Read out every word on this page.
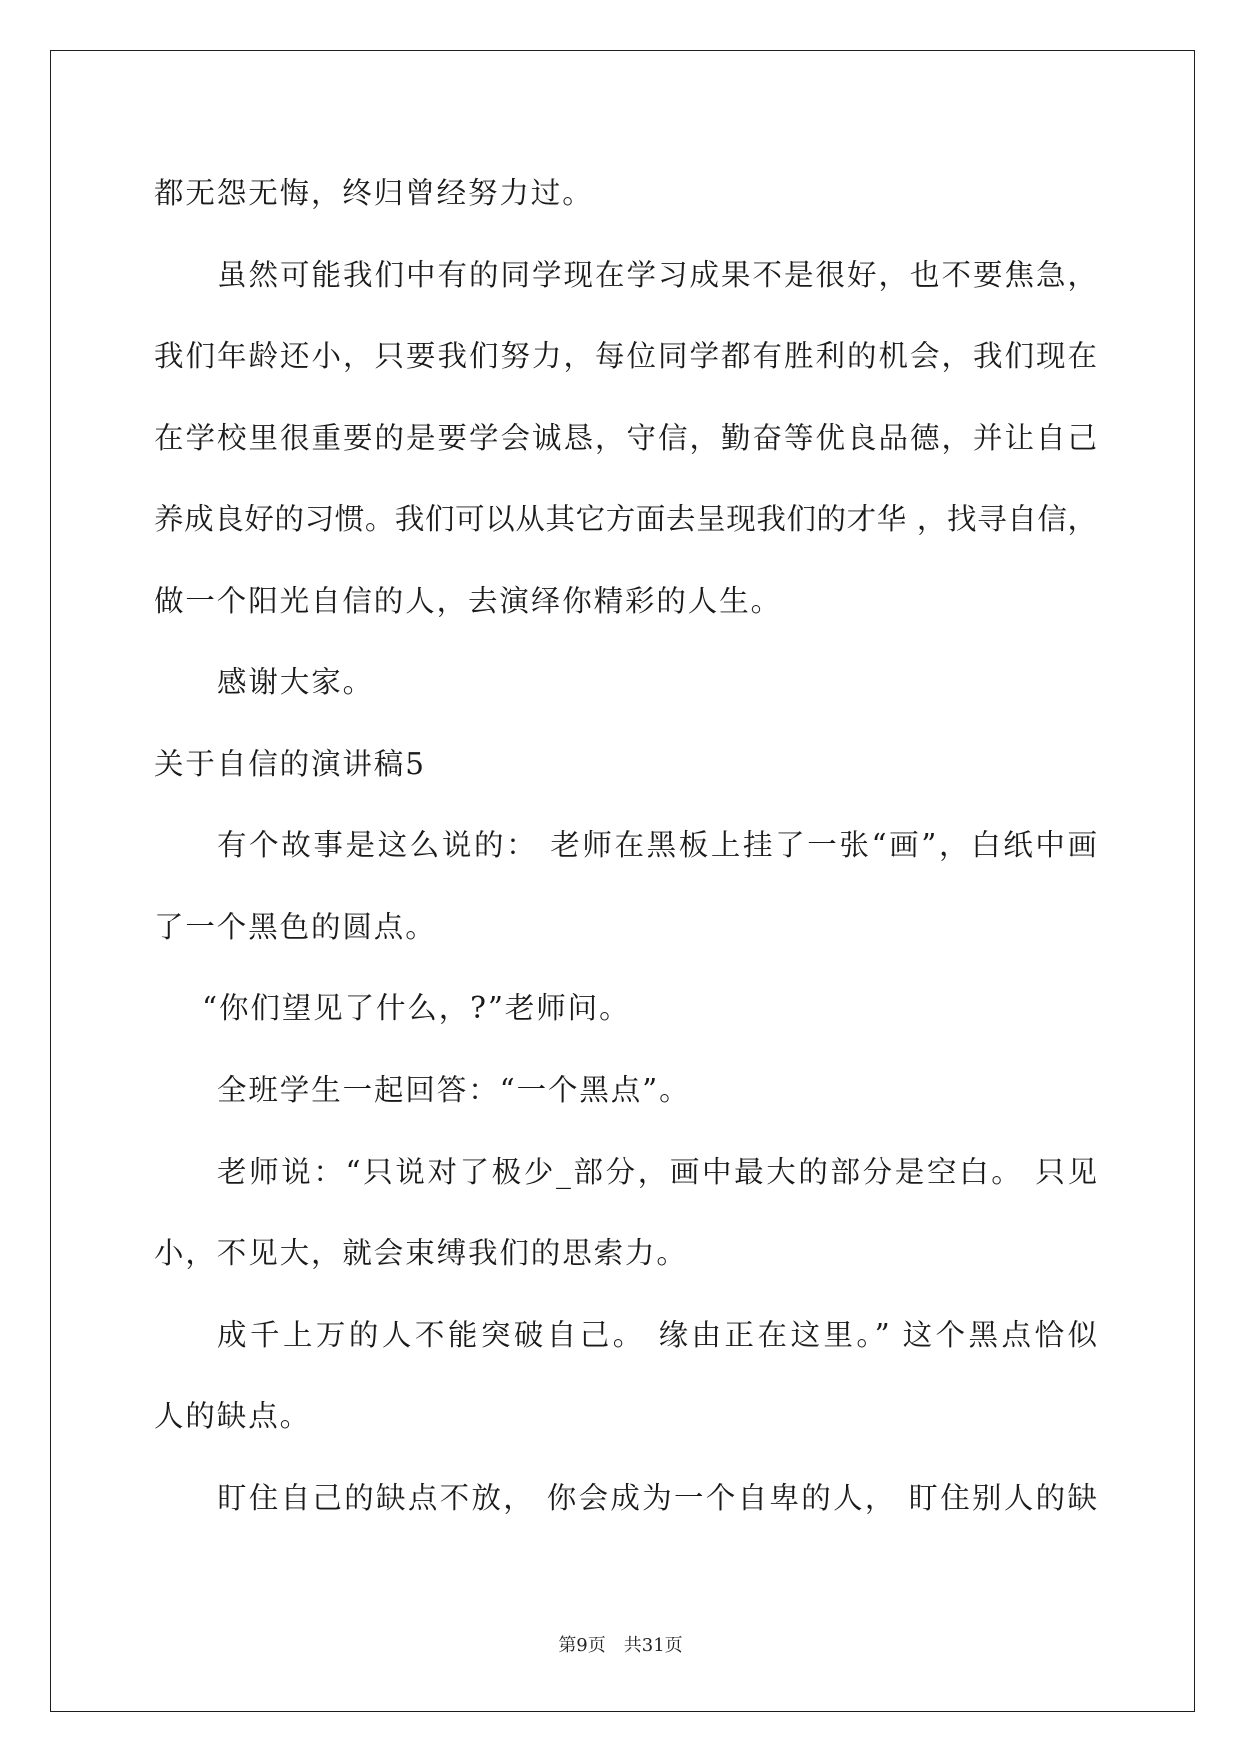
都无怨无悔，终归曾经努力过。
虽然可能我们中有的同学现在学习成果不是很好，也不要焦急，
我们年龄还小，只要我们努力，每位同学都有胜利的机会，我们现在
在学校里很重要的是要学会诚恳，守信，勤奋等优良品德，并让自己
养成良好的习惯。我们可以从其它方面去呈现我们的才华 ，找寻自信，
做一个阳光自信的人，去演绎你精彩的人生。
感谢大家。
关于自信的演讲稿5
有个故事是这么说的： 老师在黑板上挂了一张“画”，白纸中画
了一个黑色的圆点。
“你们望见了什么，?”老师问。
全班学生一起回答：“一个黑点”。
老师说：“只说对了极少_部分，画中最大的部分是空白。 只见
小，不见大，就会束缚我们的思索力。
成千上万的人不能突破自己。 缘由正在这里。” 这个黑点恰似
人的缺点。
盯住自己的缺点不放， 你会成为一个自卑的人， 盯住别人的缺
第9页 共31页
